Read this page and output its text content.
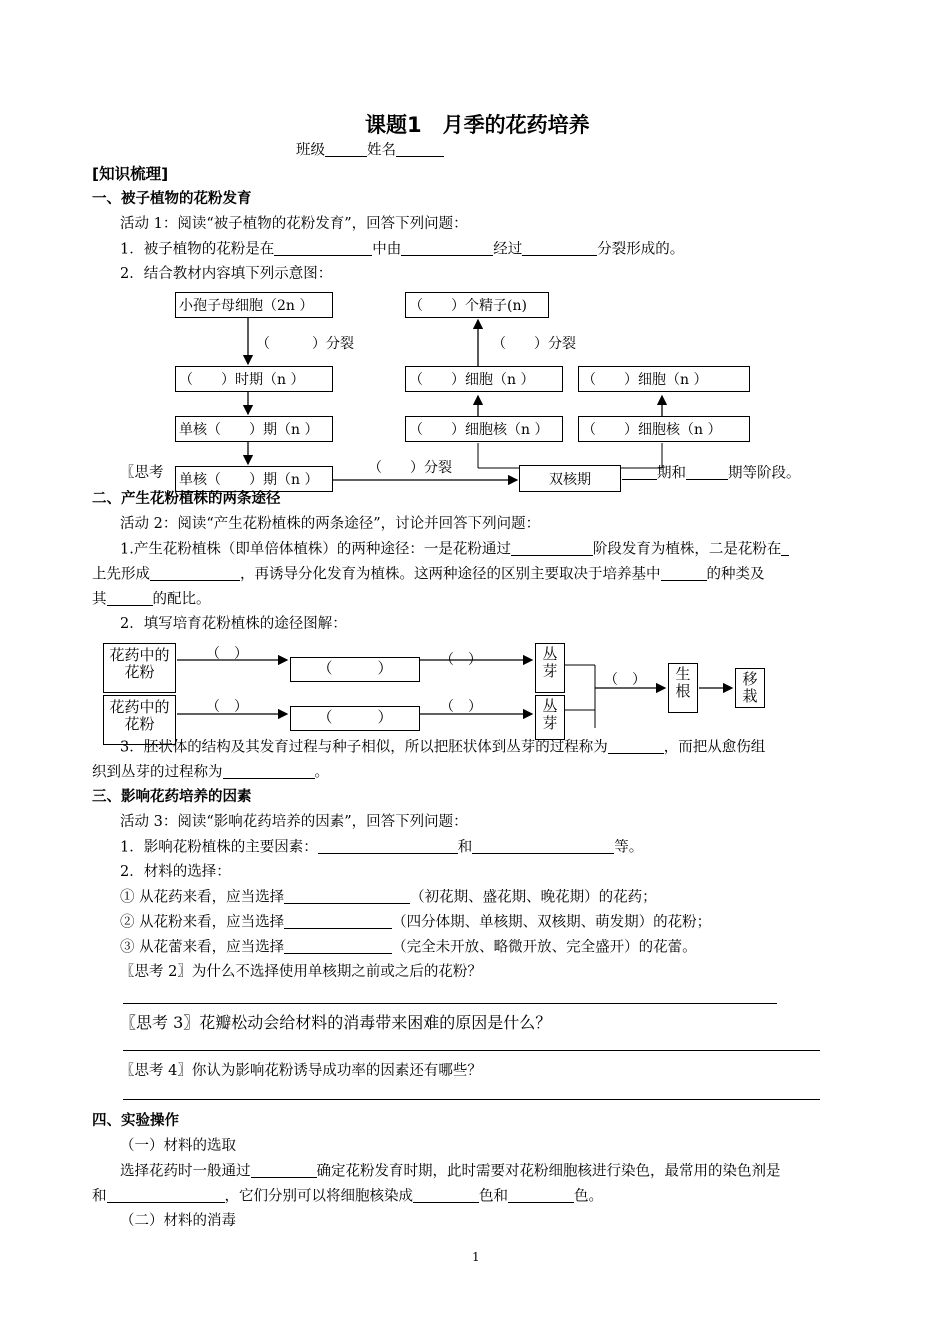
课题1　月季的花药培养
班级	姓名
[知识梳理]
一、被子植物的花粉发育
活动 1：阅读“被子植物的花粉发育”，回答下列问题：
1．被子植物的花粉是在	中由	经过	分裂形成的。
2．结合教材内容填下列示意图：
小孢子母细胞（2n ）
（　　　）分裂
（　　）时期（n ）
单核（　　）期（n ）
〖思考	期和	期等阶段。
单核（　　）期（n ）
（　　）分裂
双核期
（　　）个精子(n)
（　　）分裂
（　　）细胞（n ）
（　　）细胞核（n ）
（　　）细胞（n ）
（　　）细胞核（n ）
二、产生花粉植株的两条途径
活动 2：阅读“产生花粉植株的两条途径”，讨论并回答下列问题：
1.产生花粉植株（即单倍体植株）的两种途径：一是花粉通过	阶段发育为植株，二是花粉在
上先形成	，再诱导分化发育为植株。这两种途径的区别主要取决于培养基中	的种类及
其	的配比。
2．填写培育花粉植株的途径图解：
花药中的花粉
花药中的花粉
（　）
（　）
（　　　）
（　　　）
（　）
（　）
丛芽
丛芽
（　）	生根
移栽
3．胚状体的结构及其发育过程与种子相似，所以把胚状体到丛芽的过程称为	，而把从愈伤组
织到丛芽的过程称为	。
三、影响花药培养的因素
活动 3：阅读“影响花药培养的因素”，回答下列问题：
1．影响花粉植株的主要因素：	和	等。
2．材料的选择：
① 从花药来看，应当选择	（初花期、盛花期、晚花期）的花药；
② 从花粉来看，应当选择	（四分体期、单核期、双核期、萌发期）的花粉；
③ 从花蕾来看，应当选择	（完全未开放、略微开放、完全盛开）的花蕾。
〖思考 2〗为什么不选择使用单核期之前或之后的花粉？
〖思考 3〗花瓣松动会给材料的消毒带来困难的原因是什么？
〖思考 4〗你认为影响花粉诱导成功率的因素还有哪些？
四、实验操作
（一）材料的选取
选择花药时一般通过	确定花粉发育时期，此时需要对花粉细胞核进行染色，最常用的染色剂是
和	，它们分别可以将细胞核染成	色和	色。
（二）材料的消毒
1
